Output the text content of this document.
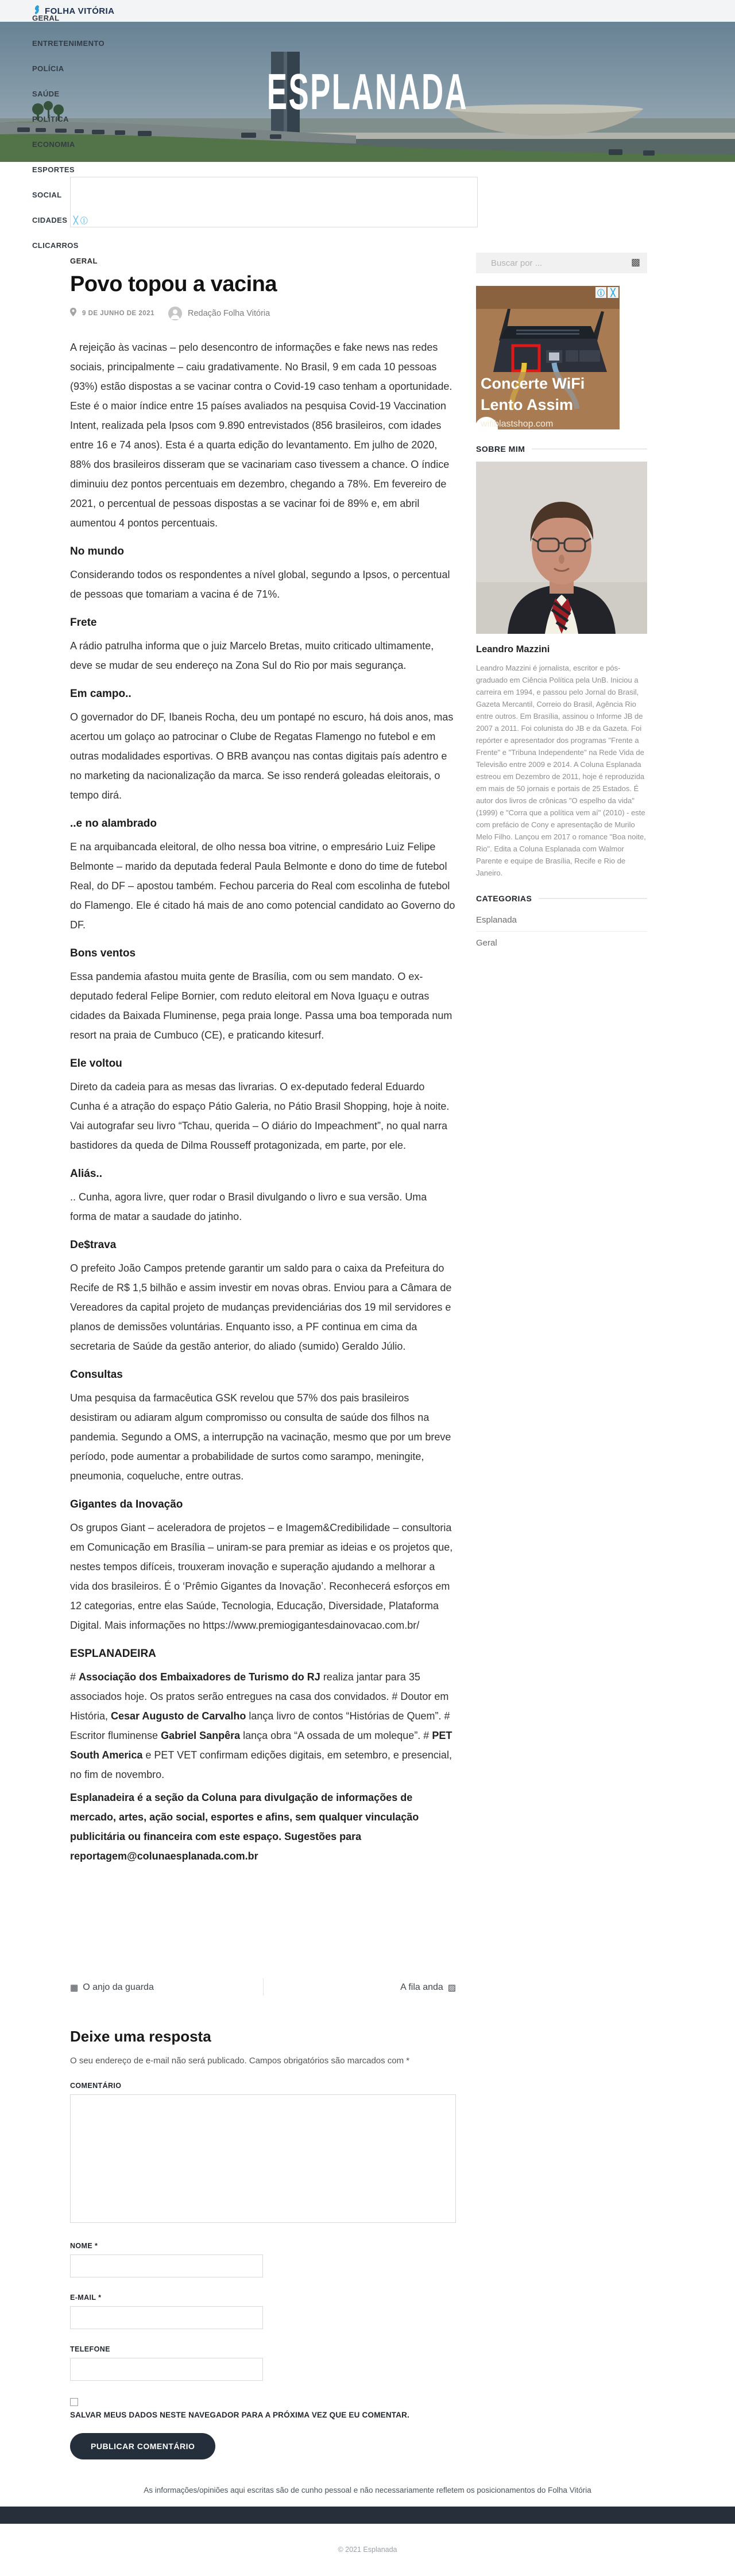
FOLHA VITÓRIA
ESPLANADA
GERAL
ENTRETENIMENTO
POLÍCIA
SAÚDE
POLÍTICA
ECONOMIA
ESPORTES
SOCIAL
CIDADES
CLICARROS
╳ ⓘ
GERAL
Povo topou a vacina
9 DE JUNHO DE 2021	Redação Folha Vitória

A rejeição às vacinas – pelo desencontro de informações e fake news nas redes sociais, principalmente – caiu gradativamente. No Brasil, 9 em cada 10 pessoas (93%) estão dispostas a se vacinar contra o Covid-19 caso tenham a oportunidade. Este é o maior índice entre 15 países avaliados na pesquisa Covid-19 Vaccination Intent, realizada pela Ipsos com 9.890 entrevistados (856 brasileiros, com idades entre 16 e 74 anos). Esta é a quarta edição do levantamento. Em julho de 2020, 88% dos brasileiros disseram que se vacinariam caso tivessem a chance. O índice diminuiu dez pontos percentuais em dezembro, chegando a 78%. Em fevereiro de 2021, o percentual de pessoas dispostas a se vacinar foi de 89% e, em abril aumentou 4 pontos percentuais.

No mundo

Considerando todos os respondentes a nível global, segundo a Ipsos, o percentual de pessoas que tomariam a vacina é de 71%.

Frete

A rádio patrulha informa que o juiz Marcelo Bretas, muito criticado ultimamente, deve se mudar de seu endereço na Zona Sul do Rio por mais segurança.

Em campo..

O governador do DF, Ibaneis Rocha, deu um pontapé no escuro, há dois anos, mas acertou um golaço ao patrocinar o Clube de Regatas Flamengo no futebol e em outras modalidades esportivas. O BRB avançou nas contas digitais país adentro e no marketing da nacionalização da marca. Se isso renderá goleadas eleitorais, o tempo dirá.

..e no alambrado

E na arquibancada eleitoral, de olho nessa boa vitrine, o empresário Luiz Felipe Belmonte – marido da deputada federal Paula Belmonte e dono do time de futebol Real, do DF – apostou também. Fechou parceria do Real com escolinha de futebol do Flamengo. Ele é citado há mais de ano como potencial candidato ao Governo do DF.

Bons ventos

Essa pandemia afastou muita gente de Brasília, com ou sem mandato. O ex-deputado federal Felipe Bornier, com reduto eleitoral em Nova Iguaçu e outras cidades da Baixada Fluminense, pega praia longe. Passa uma boa temporada num resort na praia de Cumbuco (CE), e praticando kitesurf.

Ele voltou

Direto da cadeia para as mesas das livrarias. O ex-deputado federal Eduardo Cunha é a atração do espaço Pátio Galeria, no Pátio Brasil Shopping, hoje à noite. Vai autografar seu livro “Tchau, querida – O diário do Impeachment”, no qual narra bastidores da queda de Dilma Rousseff protagonizada, em parte, por ele.

Aliás..

.. Cunha, agora livre, quer rodar o Brasil divulgando o livro e sua versão. Uma forma de matar a saudade do jatinho.

De$trava

O prefeito João Campos pretende garantir um saldo para o caixa da Prefeitura do Recife de R$ 1,5 bilhão e assim investir em novas obras. Enviou para a Câmara de Vereadores da capital projeto de mudanças previdenciárias dos 19 mil servidores e planos de demissões voluntárias. Enquanto isso, a PF continua em cima da secretaria de Saúde da gestão anterior, do aliado (sumido) Geraldo Júlio.

Consultas

Uma pesquisa da farmacêutica GSK revelou que 57% dos pais brasileiros desistiram ou adiaram algum compromisso ou consulta de saúde dos filhos na pandemia. Segundo a OMS, a interrupção na vacinação, mesmo que por um breve período, pode aumentar a probabilidade de surtos como sarampo, meningite, pneumonia, coqueluche, entre outras.

Gigantes da Inovação

Os grupos Giant – aceleradora de projetos – e Imagem&Credibilidade – consultoria em Comunicação em Brasília – uniram-se para premiar as ideias e os projetos que, nestes tempos difíceis, trouxeram inovação e superação ajudando a melhorar a vida dos brasileiros. É o ‘Prêmio Gigantes da Inovação’. Reconhecerá esforços em 12 categorias, entre elas Saúde, Tecnologia, Educação, Diversidade, Plataforma Digital. Mais informações no https://www.premiogigantesdainovacao.com.br/

ESPLANADEIRA

# Associação dos Embaixadores de Turismo do RJ realiza jantar para 35 associados hoje. Os pratos serão entregues na casa dos convidados. # Doutor em História, Cesar Augusto de Carvalho lança livro de contos “Histórias de Quem”. # Escritor fluminense Gabriel Sanpêra lança obra “A ossada de um moleque”. # PET South America e PET VET confirmam edições digitais, em setembro, e presencial, no fim de novembro.

Esplanadeira é a seção da Coluna para divulgação de informações de mercado, artes, ação social, esportes e afins, sem qualquer vinculação publicitária ou financeira com este espaço. Sugestões para reportagem@colunaesplanada.com.br

Buscar por ...
▩
Concerte WiFi
Lento Assim
wifiblastshop.com
ⓘ ╳
SOBRE MIM
Leandro Mazzini

Leandro Mazzini é jornalista, escritor e pós-graduado em Ciência Política pela UnB. Iniciou a carreira em 1994, e passou pelo Jornal do Brasil, Gazeta Mercantil, Correio do Brasil, Agência Rio entre outros. Em Brasília, assinou o Informe JB de 2007 a 2011. Foi colunista do JB e da Gazeta. Foi repórter e apresentador dos programas "Frente a Frente" e "Tribuna Independente" na Rede Vida de Televisão entre 2009 e 2014. A Coluna Esplanada estreou em Dezembro de 2011, hoje é reproduzida em mais de 50 jornais e portais de 25 Estados. É autor dos livros de crônicas "O espelho da vida" (1999) e "Corra que a política vem aí" (2010) - este com prefácio de Cony e apresentação de Murilo Melo Filho. Lançou em 2017 o romance "Boa noite, Rio". Edita a Coluna Esplanada com Walmor Parente e equipe de Brasília, Recife e Rio de Janeiro.

CATEGORIAS
Esplanada
Geral
▦ O anjo da guarda	A fila anda ▨
Deixe uma resposta

O seu endereço de e-mail não será publicado. Campos obrigatórios são marcados com *

COMENTÁRIO
NOME *
E-MAIL *
TELEFONE
SALVAR MEUS DADOS NESTE NAVEGADOR PARA A PRÓXIMA VEZ QUE EU COMENTAR.
PUBLICAR COMENTÁRIO
As informações/opiniões aqui escritas são de cunho pessoal e não necessariamente refletem os posicionamentos do Folha Vitória
© 2021 Esplanada
